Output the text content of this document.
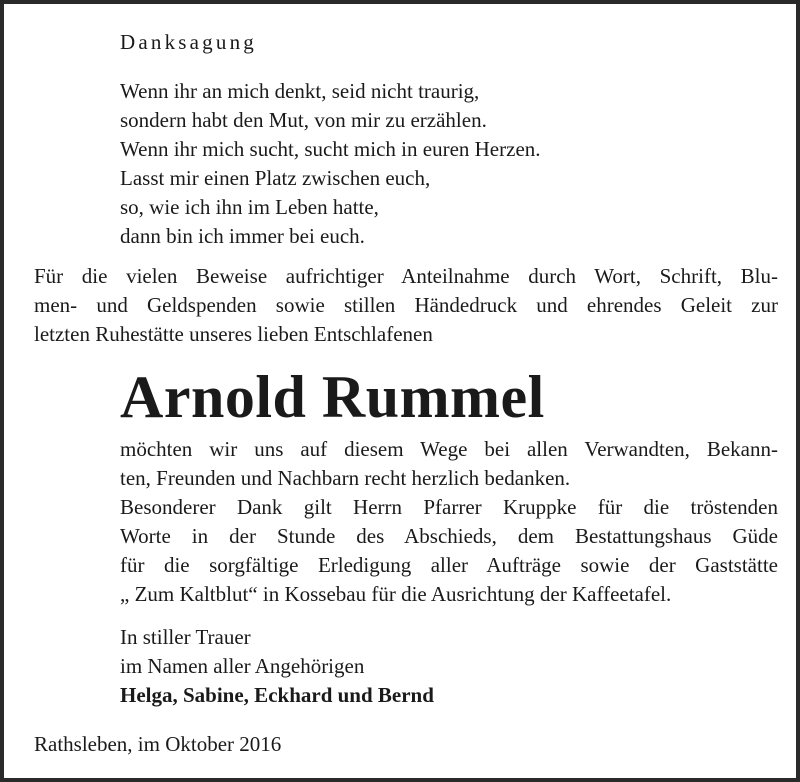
Danksagung
Wenn ihr an mich denkt, seid nicht traurig,
sondern habt den Mut, von mir zu erzählen.
Wenn ihr mich sucht, sucht mich in euren Herzen.
Lasst mir einen Platz zwischen euch,
so, wie ich ihn im Leben hatte,
dann bin ich immer bei euch.
Für die vielen Beweise aufrichtiger Anteilnahme durch Wort, Schrift, Blu-
men- und Geldspenden sowie stillen Händedruck und ehrendes Geleit zur
letzten Ruhestätte unseres lieben Entschlafenen
Arnold Rummel
möchten wir uns auf diesem Wege bei allen Verwandten, Bekann-
ten, Freunden und Nachbarn recht herzlich bedanken.
Besonderer Dank gilt Herrn Pfarrer Kruppke für die tröstenden
Worte in der Stunde des Abschieds, dem Bestattungshaus Güde
für die sorgfältige Erledigung aller Aufträge sowie der Gaststätte
„ Zum Kaltblut“ in Kossebau für die Ausrichtung der Kaffeetafel.
In stiller Trauer
im Namen aller Angehörigen
Helga, Sabine, Eckhard und Bernd
Rathsleben, im Oktober 2016
